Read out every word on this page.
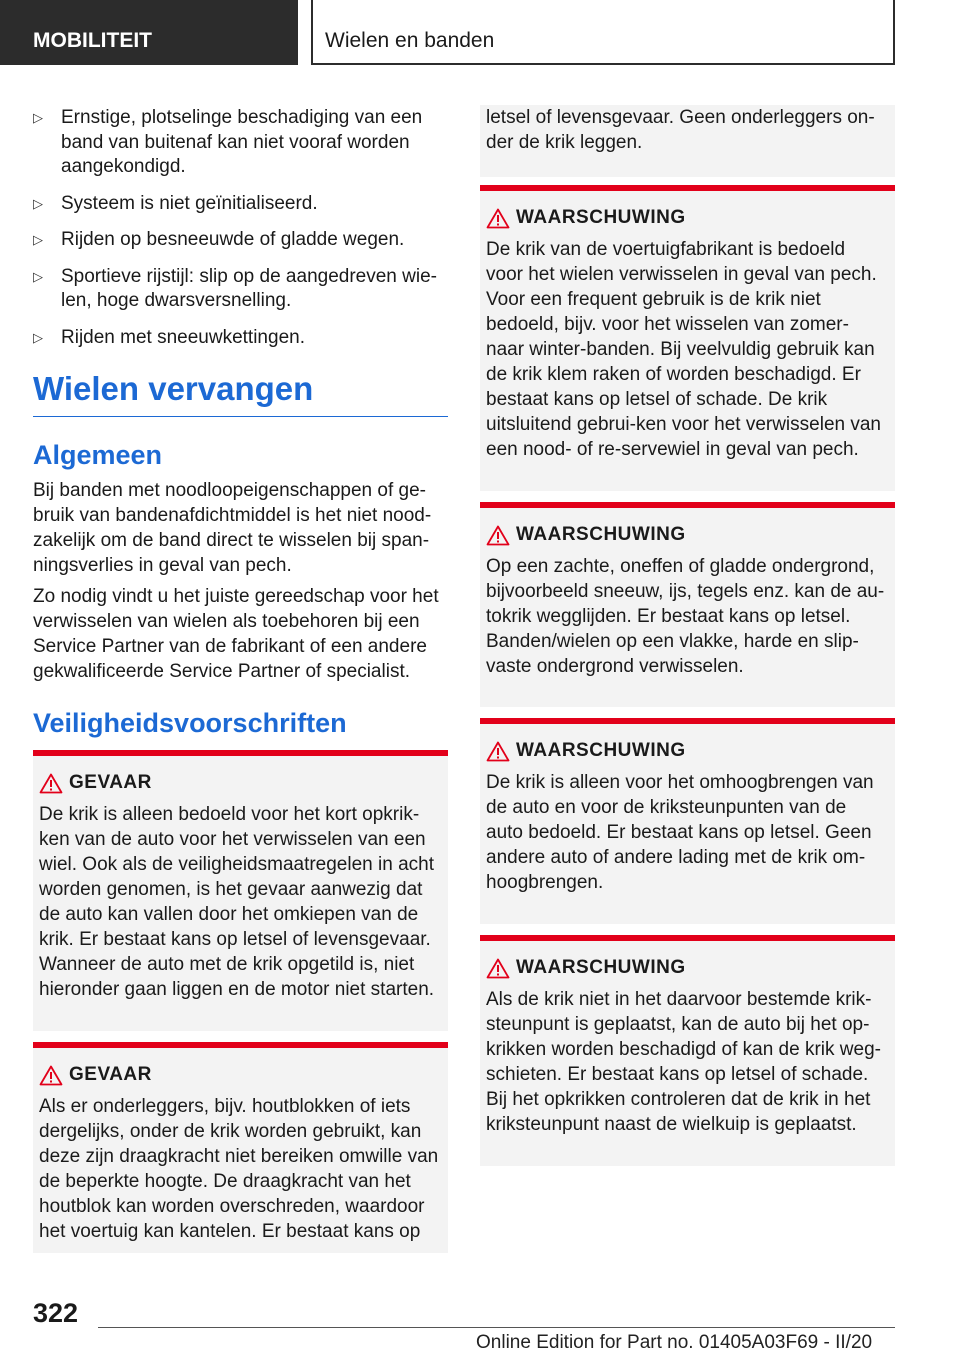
MOBILITEIT	Wielen en banden
▷ Ernstige, plotselinge beschadiging van een band van buitenaf kan niet vooraf worden aangekondigd.
▷ Systeem is niet geïnitialiseerd.
▷ Rijden op besneeuwde of gladde wegen.
▷ Sportieve rijstijl: slip op de aangedreven wie-len, hoge dwarsversnelling.
▷ Rijden met sneeuwkettingen.
Wielen vervangen
Algemeen

Bij banden met noodloopeigenschappen of ge-bruik van bandenafdichtmiddel is het niet nood-zakelijk om de band direct te wisselen bij span-ningsverlies in geval van pech.

Zo nodig vindt u het juiste gereedschap voor het verwisselen van wielen als toebehoren bij een Service Partner van de fabrikant of een andere gekwalificeerde Service Partner of specialist.

Veiligheidsvoorschriften
GEVAAR

De krik is alleen bedoeld voor het kort opkrik-ken van de auto voor het verwisselen van een wiel. Ook als de veiligheidsmaatregelen in acht worden genomen, is het gevaar aanwezig dat de auto kan vallen door het omkiepen van de krik. Er bestaat kans op letsel of levensgevaar. Wanneer de auto met de krik opgetild is, niet hieronder gaan liggen en de motor niet starten.

GEVAAR

Als er onderleggers, bijv. houtblokken of iets dergelijks, onder de krik worden gebruikt, kan deze zijn draagkracht niet bereiken omwille van de beperkte hoogte. De draagkracht van het houtblok kan worden overschreden, waardoor het voertuig kan kantelen. Er bestaat kans op

letsel of levensgevaar. Geen onderleggers on-der de krik leggen.
WAARSCHUWING

De krik van de voertuigfabrikant is bedoeld voor het wielen verwisselen in geval van pech. Voor een frequent gebruik is de krik niet bedoeld, bijv. voor het wisselen van zomer- naar winter-banden. Bij veelvuldig gebruik kan de krik klem raken of worden beschadigd. Er bestaat kans op letsel of schade. De krik uitsluitend gebrui-ken voor het verwisselen van een nood- of re-servewiel in geval van pech.

WAARSCHUWING

Op een zachte, oneffen of gladde ondergrond, bijvoorbeeld sneeuw, ijs, tegels enz. kan de au-tokrik wegglijden. Er bestaat kans op letsel. Banden/wielen op een vlakke, harde en slip-vaste ondergrond verwisselen.

WAARSCHUWING

De krik is alleen voor het omhoogbrengen van de auto en voor de kriksteunpunten van de auto bedoeld. Er bestaat kans op letsel. Geen andere auto of andere lading met de krik om-hoogbrengen.

WAARSCHUWING

Als de krik niet in het daarvoor bestemde krik-steunpunt is geplaatst, kan de auto bij het op-krikken worden beschadigd of kan de krik weg-schieten. Er bestaat kans op letsel of schade. Bij het opkrikken controleren dat de krik in het kriksteunpunt naast de wielkuip is geplaatst.

322
Online Edition for Part no. 01405A03F69 - II/20
